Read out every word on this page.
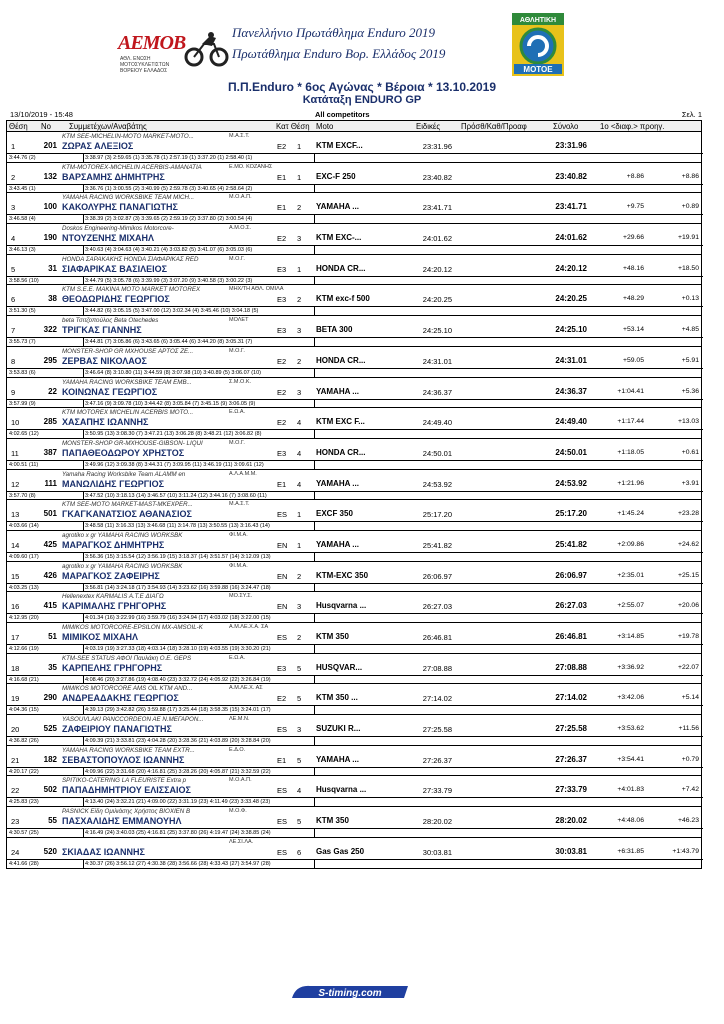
ΑΕΜΟΒ
ΑΘΛ. ΕΝΩΣΗ ΜΟΤΟΣΥΚΛΕΤΙΣΤΩΝ ΒΟΡΕΙΟΥ ΕΛΛΑΔΟΣ
Πανελλήνιο Πρωτάθλημα Enduro 2019
Πρωτάθλημα Enduro Βορ. Ελλάδος 2019
ΑΘΛΗΤΙΚΗ
MOTOE
Π.Π.Enduro * 6ος Αγώνας * Βέροια * 13.10.2019
Κατάταξη ENDURO GP
13/10/2019 - 15:48	All competitors	Σελ. 1
Θέση Νο Συμμετέχων/Αναβάτης	Κατ Θέση Moto	Ειδικές	Πρόσθ/Καθ/Προαφ	Σύνολο	1o <διαφ.> προηγ.
1	201
KTM SEE-MICHELIN-MOTO MARKET-MOTO...	Μ.Α.Σ.Τ.
ΖΩΡΑΣ ΑΛΕΞΙΟΣ	E2 1 KTM EXCF...	23:31.96	23:31.96
3:44.76 (2)	3:38.97 (3) 2:59.65 (1) 3:35.78 (1) 2:57.19 (1) 3:37.20 (1) 2:58.40 (1)
2	132
KTM-MOTOREX-MICHELIN ACERBIS-AMANATIA	Ε.ΜΟ. ΚΟΖΑΝΗΣ
ΒΑΡΣΑΜΗΣ ΔΗΜΗΤΡΗΣ	E1 1 EXC-F 250	23:40.82	23:40.82	+8.86	+8.86
3:43.45 (1)	3:36.76 (1) 3:00.55 (2) 3:40.99 (5) 2:59.78 (3) 3:40.65 (4) 2:58.64 (2)
3	100
YAMAHA RACING WORKSBIKE TEAM MICH...	Μ.Ο.Α.Π.
ΚΑΚΟΛΥΡΗΣ ΠΑΝΑΓΙΩΤΗΣ	E1 2 YAMAHA ...	23:41.71	23:41.71	+9.75	+0.89
3:46.58 (4)	3:38.39 (2) 3:02.87 (3) 3:39.65 (2) 2:59.19 (2) 3:37.80 (2) 3:00.54 (4)
4	190
Doskos Engineering-Mimikos Motorcore-	Α.Μ.Ο.Σ.
ΝΤΟΥΖΕΝΗΣ ΜΙΧΑΗΛ	E2 3 KTM EXC-...	24:01.62	24:01.62	+29.66	+19.91
3:46.13 (3)	3:40.63 (4) 3:04.63 (4) 3:40.21 (4) 3:03.82 (5) 3:41.07 (6) 3:05.03 (6)
5	31
HONDA ΣΑΡΑΚΑΚΗΣ HONDA ΣΙΑΦΑΡΙΚΑΣ RED	Μ.Ο.Γ.
ΣΙΑΦΑΡΙΚΑΣ ΒΑΣΙΛΕΙΟΣ	E3 1 HONDA CR...	24:20.12	24:20.12	+48.16	+18.50
3:58.56 (10)	3:44.79 (5) 3:05.78 (6) 3:39.99 (3) 3:07.20 (9) 3:40.58 (3) 3:00.22 (3)
6	38
KTM S.E.E. MAKINA MOTO MARKET MOTOREX	ΜΗΧ/ΤΗ ΑΘΛ. ΟΜΙΛΑ
ΘΕΟΔΩΡΙΔΗΣ ΓΕΩΡΓΙΟΣ	E3 2 KTM exc-f 500	24:20.25	24:20.25	+48.29	+0.13
3:51.30 (5)	3:44.82 (6) 3:05.15 (5) 3:47.00 (12) 3:02.34 (4) 3:45.46 (10) 3:04.18 (5)
7	322
beta Τσιτζοπούλος Beta Otechedes	ΜΟΛΕΤ
ΤΡΙΓΚΑΣ ΓΙΑΝΝΗΣ	E3 3 BETA 300	24:25.10	24:25.10	+53.14	+4.85
3:55.73 (7)	3:44.81 (7) 3:05.86 (6) 3:43.65 (6) 3:05.44 (6) 3:44.20 (8) 3:05.31 (7)
8	295
MONSTER-SHOP GR MXHOUSE ΑΡΤΟΣ ΖΕ...	Μ.Ο.Γ.
ΖΕΡΒΑΣ ΝΙΚΟΛΑΟΣ	E2 2 HONDA CR...	24:31.01	24:31.01	+59.05	+5.91
3:53.83 (6)	3:46.64 (8) 3:10.80 (11) 3:44.59 (8) 3:07.98 (10) 3:40.89 (5) 3:06.07 (10)
9	22
YAMAHA RACING WORKSBIKE TEAM EMB...	Σ.Μ.Ο.Κ.
ΚΟΙΝΩΝΑΣ ΓΕΩΡΓΙΟΣ	E2 3 YAMAHA ...	24:36.37	24:36.37	+1:04.41	+5.36
3:57.99 (9)	3:47.16 (9) 3:09.78 (10) 3:44.42 (8) 3:05.84 (7) 3:45.15 (9) 3:06.05 (9)
10	285
KTM MOTOREX MICHELIN ACERBIS MOTO...	Ε.Ω.Α.
ΧΑΣΑΠΗΣ ΙΩΑΝΝΗΣ	E2 4 KTM EXC F...	24:49.40	24:49.40	+1:17.44	+13.03
4:02.65 (12)	3:50.95 (13) 3:08.30 (7) 3:47.21 (13) 3:06.28 (8) 3:48.21 (12) 3:06.82 (8)
11	387
MONSTER-SHOP GR-MXHOUSE-GIBSON- LIQUI	Μ.Ο.Γ.
ΠΑΠΑΘΕΟΔΩΡΟΥ ΧΡΗΣΤΟΣ	E3 4 HONDA CR...	24:50.01	24:50.01	+1:18.05	+0.61
4:00.51 (11)	3:49.96 (12) 3:09.38 (8) 3:44.31 (7) 3:09.95 (11) 3:46.19 (11) 3:09.61 (12)
12	111
Yamaha Racing Worksbike Team ALAMM en	Α.Λ.Α.Μ.Μ.
ΜΑΝΩΛΙΔΗΣ ΓΕΩΡΓΙΟΣ	E1 4 YAMAHA ...	24:53.92	24:53.92	+1:21.96	+3.91
3:57.70 (8)	3:47.52 (10) 3:18.13 (14) 3:46.57 (10) 3:11.24 (12) 3:44.16 (7) 3:08.60 (11)
13	501
KTM SEE-MOTO MARKET-MAST-MKEXPER...	Μ.Α.Σ.Τ.
ΓΚΑΓΚΑΝΑΤΣΙΟΣ ΑΘΑΝΑΣΙΟΣ	ES 1 EXCF 350	25:17.20	25:17.20	+1:45.24	+23.28
4:03.66 (14)	3:48.58 (11) 3:16.33 (13) 3:46.68 (11) 3:14.78 (13) 3:50.55 (13) 3:16.43 (14)
14	425
agrotiko x gr YAMAHA RACING WORKSBK	ΦΙ.Μ.Α.
ΜΑΡΑΓΚΟΣ ΔΗΜΗΤΡΗΣ	EN 1 YAMAHA ...	25:41.82	25:41.82	+2:09.86	+24.62
4:09.60 (17)	3:56.36 (15) 3:15.54 (12) 3:56.19 (15) 3:18.37 (14) 3:51.57 (14) 3:12.09 (13)
15	426
agrotiko x gr YAMAHA RACING WORKSBK	ΦΙ.Μ.Α.
ΜΑΡΑΓΚΟΣ ΖΑΦΕΙΡΗΣ	EN 2 KTM-EXC 350	26:06.97	26:06.97	+2:35.01	+25.15
4:03.25 (13)	3:56.81 (14) 3:24.18 (17) 3:54.93 (14) 3:23.62 (16) 3:59.88 (16) 3:24.47 (18)
16	415
Hellenextex KARMALIS A.T.E ΔΙΑΓΩ	ΜΟ.ΣΥ.Σ.
ΚΑΡΙΜΑΛΗΣ ΓΡΗΓΟΡΗΣ	EN 3 Husqvarna ...	26:27.03	26:27.03	+2:55.07	+20.06
4:12.95 (20)	4:01.34 (16) 3:22.99 (16) 3:59.79 (16) 3:24.94 (17) 4:03.02 (18) 3:22.00 (15)
17	51
MIMIKOS MOTORCORE-EPSILON MX-AMSOIL-K	Α.Μ.ΛΕ.Χ.Α. ΣΑ
ΜΙΜΙΚΟΣ ΜΙΧΑΗΛ	ES 2 KTM 350	26:46.81	26:46.81	+3:14.85	+19.78
4:12.66 (19)	4:03.19 (19) 3:27.33 (18) 4:03.14 (18) 3:28.10 (19) 4:03.55 (19) 3:30.20 (21)
18	35
KTM-SEE STATUS ΑΦΟΙ Παυλάκη O.E. GEPS	Ε.Ω.Α.
ΚΑΡΠΕΛΗΣ ΓΡΗΓΟΡΗΣ	E3 5 HUSQVAR...	27:08.88	27:08.88	+3:36.92	+22.07
4:16.68 (21)	4:08.46 (20) 3:27.86 (19) 4:08.40 (23) 3:32.72 (24) 4:05.92 (22) 3:26.84 (19)
19	290
MIMIKOS MOTORCORE AMS OIL KTM AND...	Α.Μ.ΛΕ.Χ. ΑΣ
ΑΝΔΡΕΑΔΑΚΗΣ ΓΕΩΡΓΙΟΣ	E2 5 KTM 350 ...	27:14.02	27:14.02	+3:42.06	+5.14
4:04.36 (15)	4:39.13 (29) 3:42.82 (26) 3:59.88 (17) 3:25.44 (18) 3:58.35 (15) 3:24.01 (17)
20	525
YASOUVLAKI PANCCORDEON AE Ν.ΜΕΓΑΡΟΝ...	ΛΕ.Μ.Ν.
ΖΑΦΕΙΡΙΟΥ ΠΑΝΑΓΙΩΤΗΣ	ES 3 SUZUKI R...	27:25.58	27:25.58	+3:53.62	+11.56
4:36.82 (26)	4:09.39 (21) 3:33.81 (23) 4:04.28 (20) 3:28.36 (21) 4:03.89 (20) 3:28.84 (20)
21	182
YAMAHA RACING WORKSBIKE TEAM EXTR...	Ε.Δ.Ο.
ΣΕΒΑΣΤΟΠΟΥΛΟΣ ΙΩΑΝΝΗΣ	E1 5 YAMAHA ...	27:26.37	27:26.37	+3:54.41	+0.79
4:20.17 (22)	4:09.96 (22) 3:31.68 (20) 4:16.81 (25) 3:28.26 (20) 4:05.87 (21) 3:32.59 (22)
22	502
SPITIKO-CATERING LA FLEURISTE Extra p	Μ.Ο.Α.Π.
ΠΑΠΑΔΗΜΗΤΡΙΟΥ ΕΛΙΣΣΑΙΟΣ	ES 4 Husqvarna ...	27:33.79	27:33.79	+4:01.83	+7.42
4:25.83 (23)	4:13.40 (24) 3:32.21 (21) 4:09.00 (22) 3:31.19 (23) 4:11.49 (23) 3:33.48 (23)
23	55
PASNICK Είδη Ομιλιάσης Χρήστος ΒΙΟΧΙΕΝ Β	Μ.Ο.Φ.
ΠΑΣΧΑΛΙΔΗΣ ΕΜΜΑΝΟΥΗΛ	ES 5 KTM 350	28:20.02	28:20.02	+4:48.06	+46.23
4:30.57 (25)	4:16.49 (24) 3:40.03 (25) 4:16.81 (25) 3:37.80 (26) 4:19.47 (24) 3:38.85 (24)
24	520
ΛΕ.ΣΙ.ΛΑ.
ΣΚΙΑΔΑΣ ΙΩΑΝΝΗΣ	ES 6 Gas Gas 250	30:03.81	30:03.81	+6:31.85	+1:43.79
4:41.66 (28)	4:30.37 (26) 3:56.12 (27) 4:30.38 (28) 3:56.66 (28) 4:33.43 (27) 3:54.97 (28)
S-timing.com
